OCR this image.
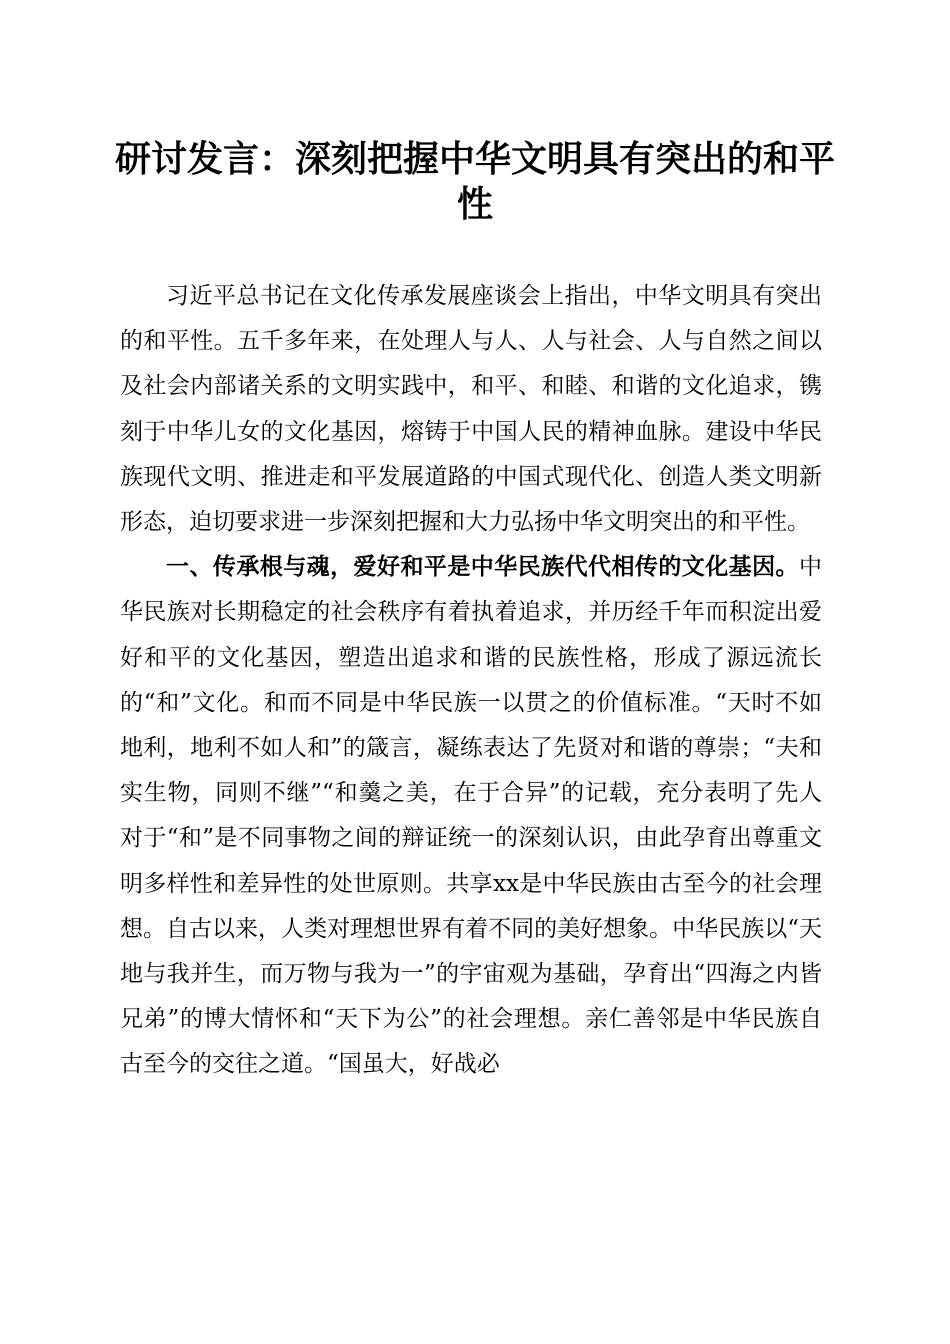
研讨发言：深刻把握中华文明具有突出的和平性

习近平总书记在文化传承发展座谈会上指出，中华文明具有突出的和平性。五千多年来，在处理人与人、人与社会、人与自然之间以及社会内部诸关系的文明实践中，和平、和睦、和谐的文化追求，镌刻于中华儿女的文化基因，熔铸于中国人民的精神血脉。建设中华民族现代文明、推进走和平发展道路的中国式现代化、创造人类文明新形态，迫切要求进一步深刻把握和大力弘扬中华文明突出的和平性。

一、传承根与魂，爱好和平是中华民族代代相传的文化基因。中华民族对长期稳定的社会秩序有着执着追求，并历经千年而积淀出爱好和平的文化基因，塑造出追求和谐的民族性格，形成了源远流长的“和”文化。和而不同是中华民族一以贯之的价值标准。“天时不如地利，地利不如人和”的箴言，凝练表达了先贤对和谐的尊崇；“夫和实生物，同则不继”“和羹之美，在于合异”的记载，充分表明了先人对于“和”是不同事物之间的辩证统一的深刻认识，由此孕育出尊重文明多样性和差异性的处世原则。共享xx是中华民族由古至今的社会理想。自古以来，人类对理想世界有着不同的美好想象。中华民族以“天地与我并生，而万物与我为一”的宇宙观为基础，孕育出“四海之内皆兄弟”的博大情怀和“天下为公”的社会理想。亲仁善邻是中华民族自古至今的交往之道。“国虽大，好战必
